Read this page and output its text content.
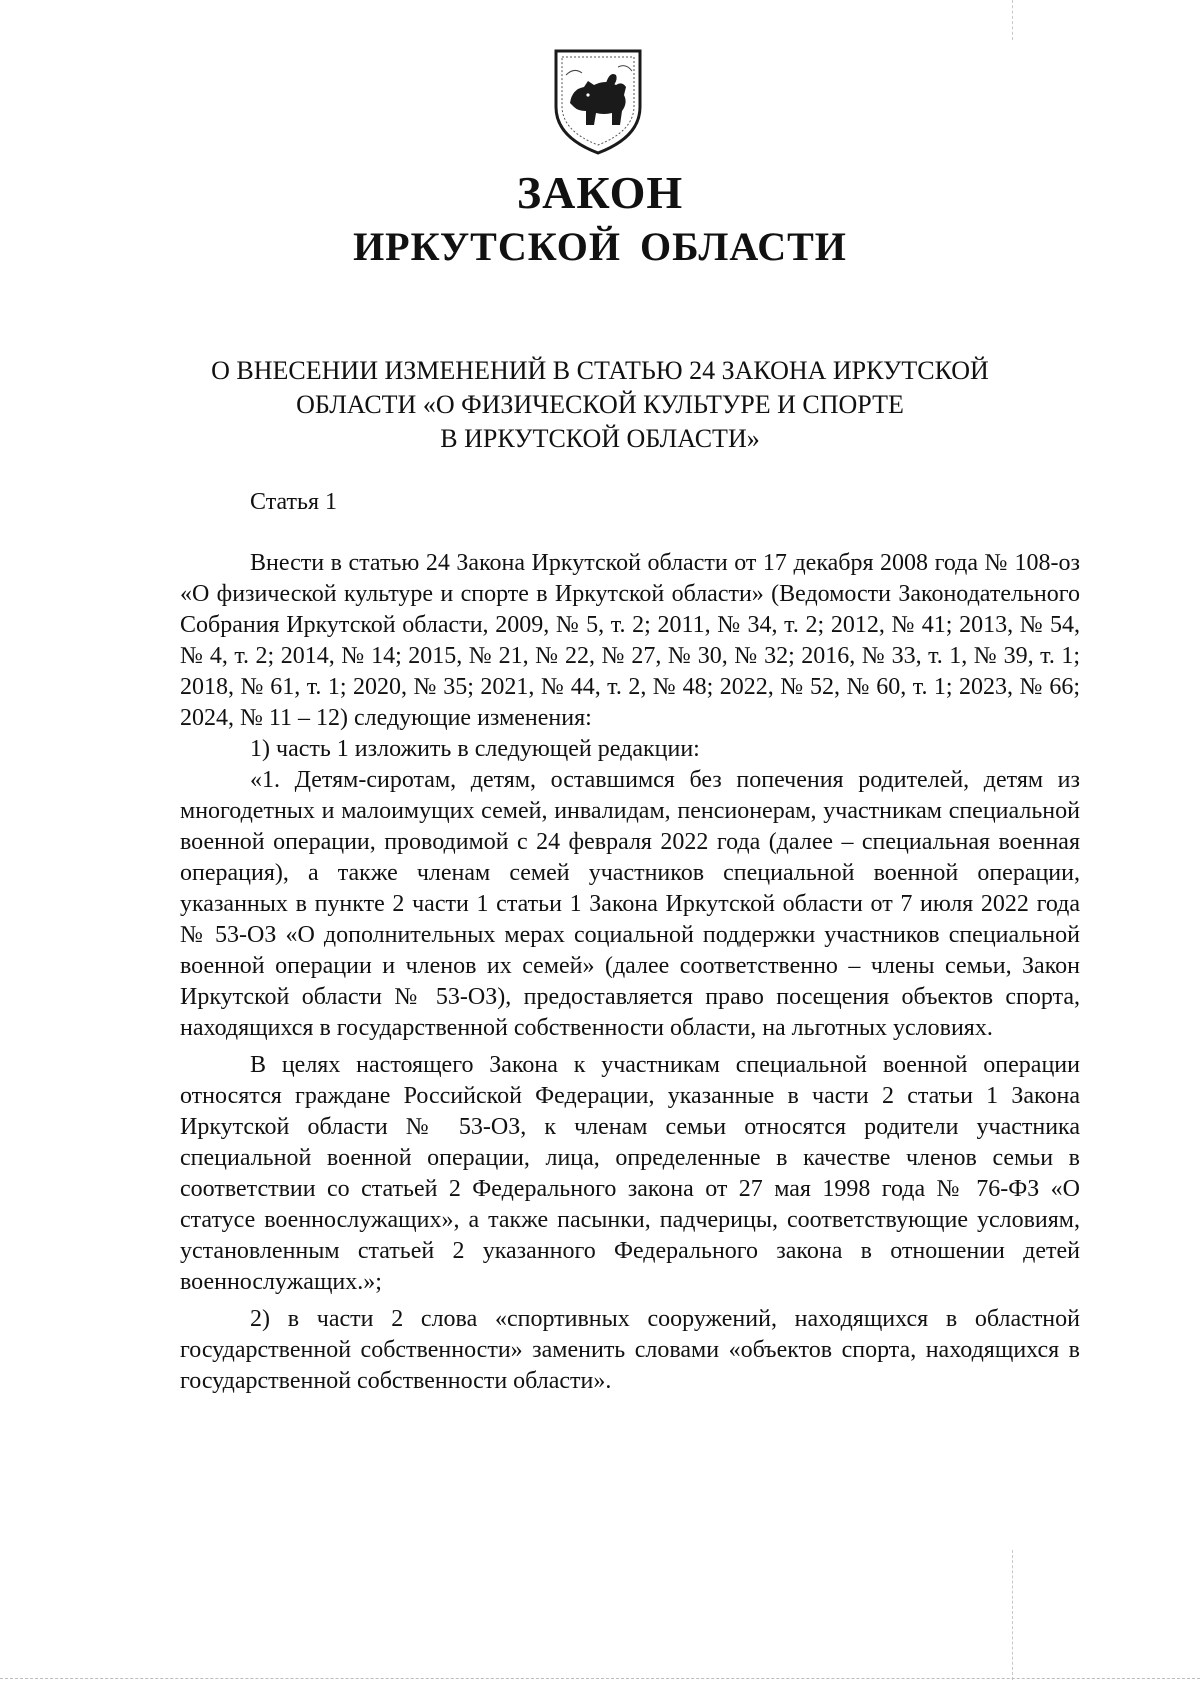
ЗАКОН
ИРКУТСКОЙ ОБЛАСТИ
О ВНЕСЕНИИ ИЗМЕНЕНИЙ В СТАТЬЮ 24 ЗАКОНА ИРКУТСКОЙ
ОБЛАСТИ «О ФИЗИЧЕСКОЙ КУЛЬТУРЕ И СПОРТЕ
В ИРКУТСКОЙ ОБЛАСТИ»
Статья 1

Внести в статью 24 Закона Иркутской области от 17 декабря 2008 года № 108-оз «О физической культуре и спорте в Иркутской области» (Ведомости Законодательного Собрания Иркутской области, 2009, № 5, т. 2; 2011, № 34, т. 2; 2012, № 41; 2013, № 54, № 4, т. 2; 2014, № 14; 2015, № 21, № 22, № 27, № 30, № 32; 2016, № 33, т. 1, № 39, т. 1; 2018, № 61, т. 1; 2020, № 35; 2021, № 44, т. 2, № 48; 2022, № 52, № 60, т. 1; 2023, № 66; 2024, № 11 – 12) следующие изменения:

1) часть 1 изложить в следующей редакции:

«1. Детям-сиротам, детям, оставшимся без попечения родителей, детям из многодетных и малоимущих семей, инвалидам, пенсионерам, участникам специальной военной операции, проводимой с 24 февраля 2022 года (далее – специальная военная операция), а также членам семей участников специальной военной операции, указанных в пункте 2 части 1 статьи 1 Закона Иркутской области от 7 июля 2022 года № 53-ОЗ «О дополнительных мерах социальной поддержки участников специальной военной операции и членов их семей» (далее соответственно – члены семьи, Закон Иркутской области № 53-ОЗ), предоставляется право посещения объектов спорта, находящихся в государственной собственности области, на льготных условиях.

В целях настоящего Закона к участникам специальной военной операции относятся граждане Российской Федерации, указанные в части 2 статьи 1 Закона Иркутской области № 53-ОЗ, к членам семьи относятся родители участника специальной военной операции, лица, определенные в качестве членов семьи в соответствии со статьей 2 Федерального закона от 27 мая 1998 года № 76-ФЗ «О статусе военнослужащих», а также пасынки, падчерицы, соответствующие условиям, установленным статьей 2 указанного Федерального закона в отношении детей военнослужащих.»;

2) в части 2 слова «спортивных сооружений, находящихся в областной государственной собственности» заменить словами «объектов спорта, находящихся в государственной собственности области».
